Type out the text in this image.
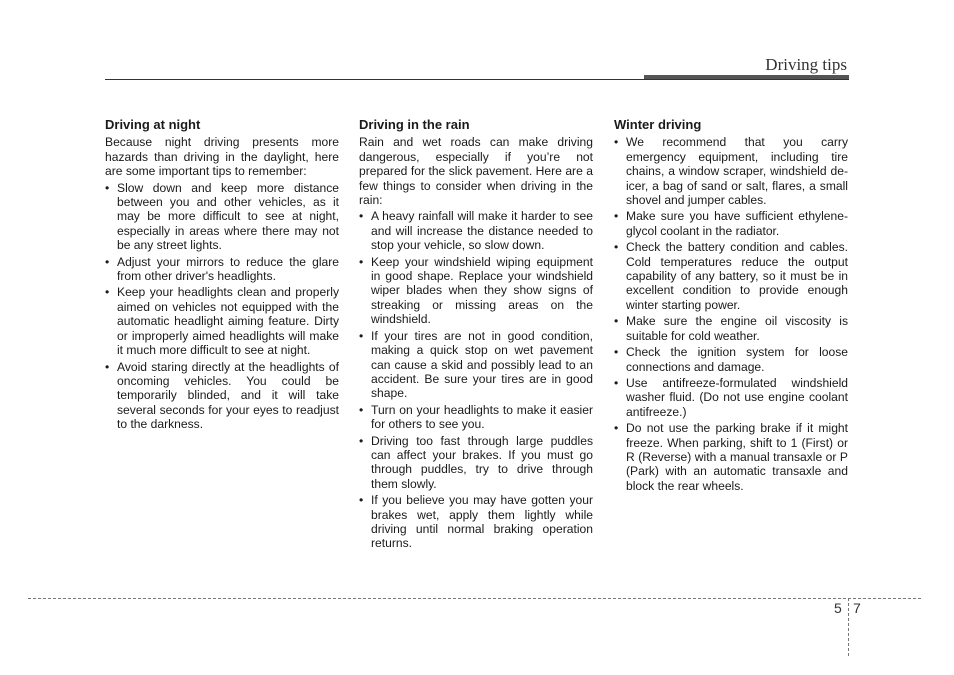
Driving tips
Driving at night
Because night driving presents more hazards than driving in the daylight, here are some important tips to remember:
• Slow down and keep more distance between you and other vehicles, as it may be more difficult to see at night, especially in areas where there may not be any street lights.
• Adjust your mirrors to reduce the glare from other driver's headlights.
• Keep your headlights clean and properly aimed on vehicles not equipped with the automatic headlight aiming feature. Dirty or improperly aimed headlights will make it much more difficult to see at night.
• Avoid staring directly at the headlights of oncoming vehicles. You could be temporarily blinded, and it will take several seconds for your eyes to readjust to the darkness.
Driving in the rain
Rain and wet roads can make driving dangerous, especially if you’re not prepared for the slick pavement. Here are a few things to consider when driving in the rain:
• A heavy rainfall will make it harder to see and will increase the distance needed to stop your vehicle, so slow down.
• Keep your windshield wiping equipment in good shape. Replace your windshield wiper blades when they show signs of streaking or missing areas on the windshield.
• If your tires are not in good condition, making a quick stop on wet pavement can cause a skid and possibly lead to an accident. Be sure your tires are in good shape.
• Turn on your headlights to make it easier for others to see you.
• Driving too fast through large puddles can affect your brakes. If you must go through puddles, try to drive through them slowly.
• If you believe you may have gotten your brakes wet, apply them lightly while driving until normal braking operation returns.
Winter driving
• We recommend that you carry emergency equipment, including tire chains, a window scraper, windshield de-icer, a bag of sand or salt, flares, a small shovel and jumper cables.
• Make sure you have sufficient ethylene-glycol coolant in the radiator.
• Check the battery condition and cables. Cold temperatures reduce the output capability of any battery, so it must be in excellent condition to provide enough winter starting power.
• Make sure the engine oil viscosity is suitable for cold weather.
• Check the ignition system for loose connections and damage.
• Use antifreeze-formulated windshield washer fluid. (Do not use engine coolant antifreeze.)
• Do not use the parking brake if it might freeze. When parking, shift to 1 (First) or R (Reverse) with a manual transaxle or P (Park) with an automatic transaxle and block the rear wheels.
5 7
